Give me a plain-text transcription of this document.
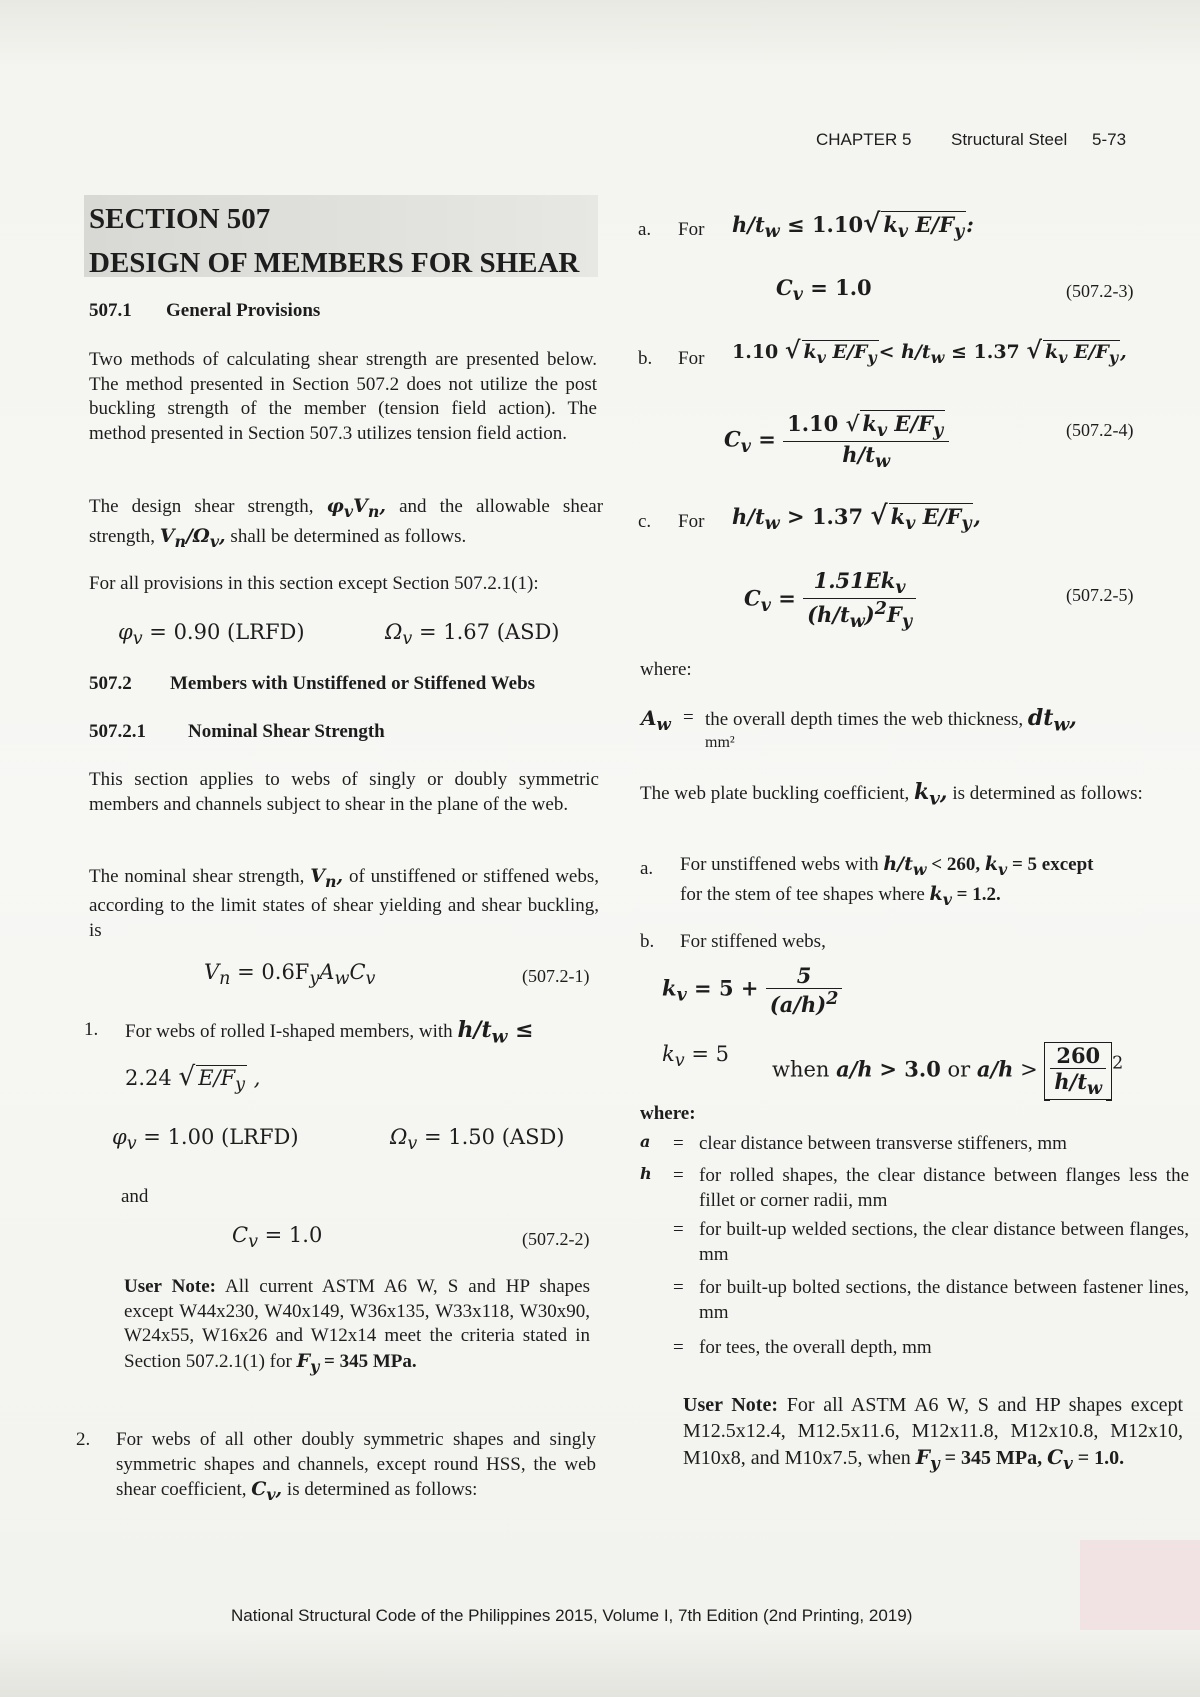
CHAPTER 5 Structural Steel 5-73
SECTION 507
DESIGN OF MEMBERS FOR SHEAR
507.1 General Provisions
Two methods of calculating shear strength are presented below. The method presented in Section 507.2 does not utilize the post buckling strength of the member (tension field action). The method presented in Section 507.3 utilizes tension field action.
The design shear strength, $\varphi_vV_n$, and the allowable shear strength, $V_n/\Omega_v$, shall be determined as follows.
For all provisions in this section except Section 507.2.1(1):
$\varphi_v = 0.90$ (LRFD)	$\Omega_v = 1.67$ (ASD)
507.2 Members with Unstiffened or Stiffened Webs
507.2.1 Nominal Shear Strength
This section applies to webs of singly or doubly symmetric members and channels subject to shear in the plane of the web.
The nominal shear strength, $V_n$, of unstiffened or stiffened webs, according to the limit states of shear yielding and shear buckling, is
$V_n = 0.6F_yA_wC_v$	(507.2-1)
1. For webs of rolled I-shaped members, with $h/t_w$ ≤
2.24 √ $E/F_y$ ,
$\varphi_v = 1.00$ (LRFD)	$\Omega_v = 1.50$ (ASD)
and
$C_v = 1.0$	(507.2-2)
User Note: All current ASTM A6 W, S and HP shapes except W44x230, W40x149, W36x135, W33x118, W30x90, W24x55, W16x26 and W12x14 meet the criteria stated in Section 507.2.1(1) for $F_y = 345$ MPa.
2. For webs of all other doubly symmetric shapes and singly symmetric shapes and channels, except round HSS, the web shear coefficient, $C_v$, is determined as follows:
a. For $h/t_w \le 1.10√$ $k_v$ $E/F_y$:
$C_v = 1.0$	(507.2-3)
b. For 1.10 √ $k_v$ $E/F_y < h/t_w \le 1.37$ √ $k_v$ $E/F_y$ ,
$C_v = \frac{1.10 √ k_v E/F_y}{h/t_w}$	(507.2-4)
c. For $h/t_w > 1.37$ √ $k_v$ $E/F_y$,
$C_v = \frac{1.51Ek_v}{(h/t_w)^2F_y}$	(507.2-5)
where:
$A_w$ = the overall depth times the web thickness, $dt_w$,
mm²
The web plate buckling coefficient, $k_v$, is determined as follows:
a. For unstiffened webs with $h/t_w < 260$, $k_v = 5$ except
for the stem of tee shapes where $k_v = 1.2$.
b. For stiffened webs,
$k_v = 5 + \frac{5}{(a/h)^2}$
$k_v = 5$
when a/h > 3.0 or $a/h > \frac{260}{h/t_w} ^2$
where:
a = clear distance between transverse stiffeners, mm
h = for rolled shapes, the clear distance between flanges less the fillet or corner radii, mm
= for built-up welded sections, the clear distance between flanges, mm
= for built-up bolted sections, the distance between fastener lines, mm
= for tees, the overall depth, mm
User Note: For all ASTM A6 W, S and HP shapes except M12.5x12.4, M12.5x11.6, M12x11.8, M12x10.8, M12x10, M10x8, and M10x7.5, when $F_y = 345$ MPa, $C_v = 1.0$.
National Structural Code of the Philippines 2015, Volume I, 7th Edition (2nd Printing, 2019)
